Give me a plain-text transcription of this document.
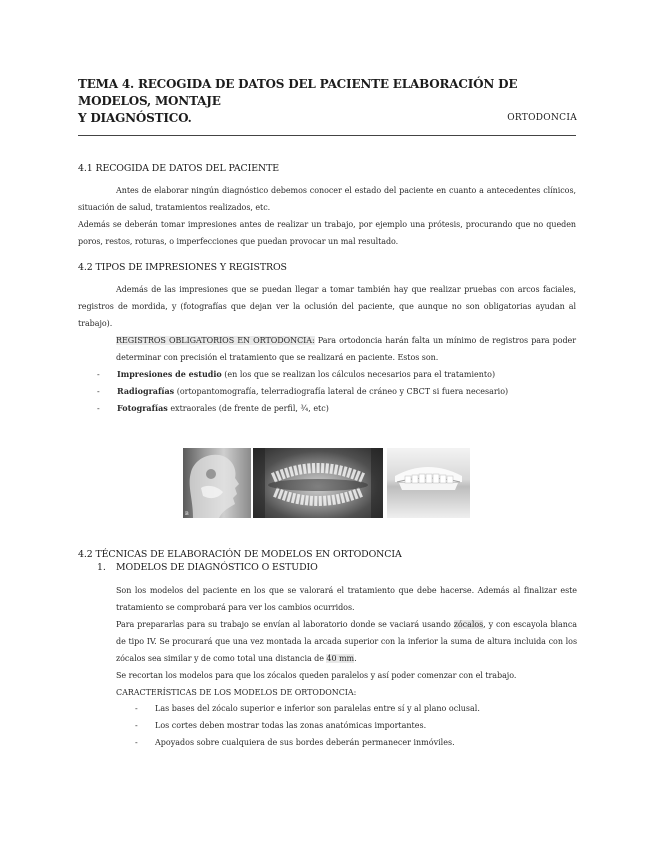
TEMA 4. RECOGIDA DE DATOS DEL PACIENTE ELABORACIÓN DE MODELOS, MONTAJE
Y DIAGNÓSTICO.	ORTODONCIA
4.1 RECOGIDA DE DATOS DEL PACIENTE
Antes de elaborar ningún diagnóstico debemos conocer el estado del paciente en cuanto a antecedentes clínicos, situación de salud, tratamientos realizados, etc.
Además se deberán tomar impresiones antes de realizar un trabajo, por ejemplo una prótesis, procurando que no queden poros, restos, roturas, o imperfecciones que puedan provocar un mal resultado.
4.2 TIPOS DE IMPRESIONES Y REGISTROS
Además de las impresiones que se puedan llegar a tomar también hay que realizar pruebas con arcos faciales, registros de mordida, y (fotografías que dejan ver la oclusión del paciente, que aunque no son obligatorias ayudan al trabajo).
REGISTROS OBLIGATORIOS EN ORTODONCIA: Para ortodoncia harán falta un mínimo de registros para poder determinar con precisión el tratamiento que se realizará en paciente. Estos son.
- Impresiones de estudio (en los que se realizan los cálculos necesarios para el tratamiento)
- Radiografías (ortopantomografía, telerradiografía lateral de cráneo y CBCT si fuera necesario)
- Fotografías extraorales (de frente de perfil, ¾, etc)
B
4.2 TÉCNICAS DE ELABORACIÓN DE MODELOS EN ORTODONCIA
1. MODELOS DE DIAGNÓSTICO O ESTUDIO
Son los modelos del paciente en los que se valorará el tratamiento que debe hacerse. Además al finalizar este tratamiento se comprobará para ver los cambios ocurridos.
Para prepararlas para su trabajo se envían al laboratorio donde se vaciará usando zócalos, y con escayola blanca de tipo IV. Se procurará que una vez montada la arcada superior con la inferior la suma de altura incluida con los zócalos sea similar y de como total una distancia de 40 mm.
Se recortan los modelos para que los zócalos queden paralelos y así poder comenzar con el trabajo.
CARACTERÍSTICAS DE LOS MODELOS DE ORTODONCIA:
- Las bases del zócalo superior e inferior son paralelas entre sí y al plano oclusal.
- Los cortes deben mostrar todas las zonas anatómicas importantes.
- Apoyados sobre cualquiera de sus bordes deberán permanecer inmóviles.
